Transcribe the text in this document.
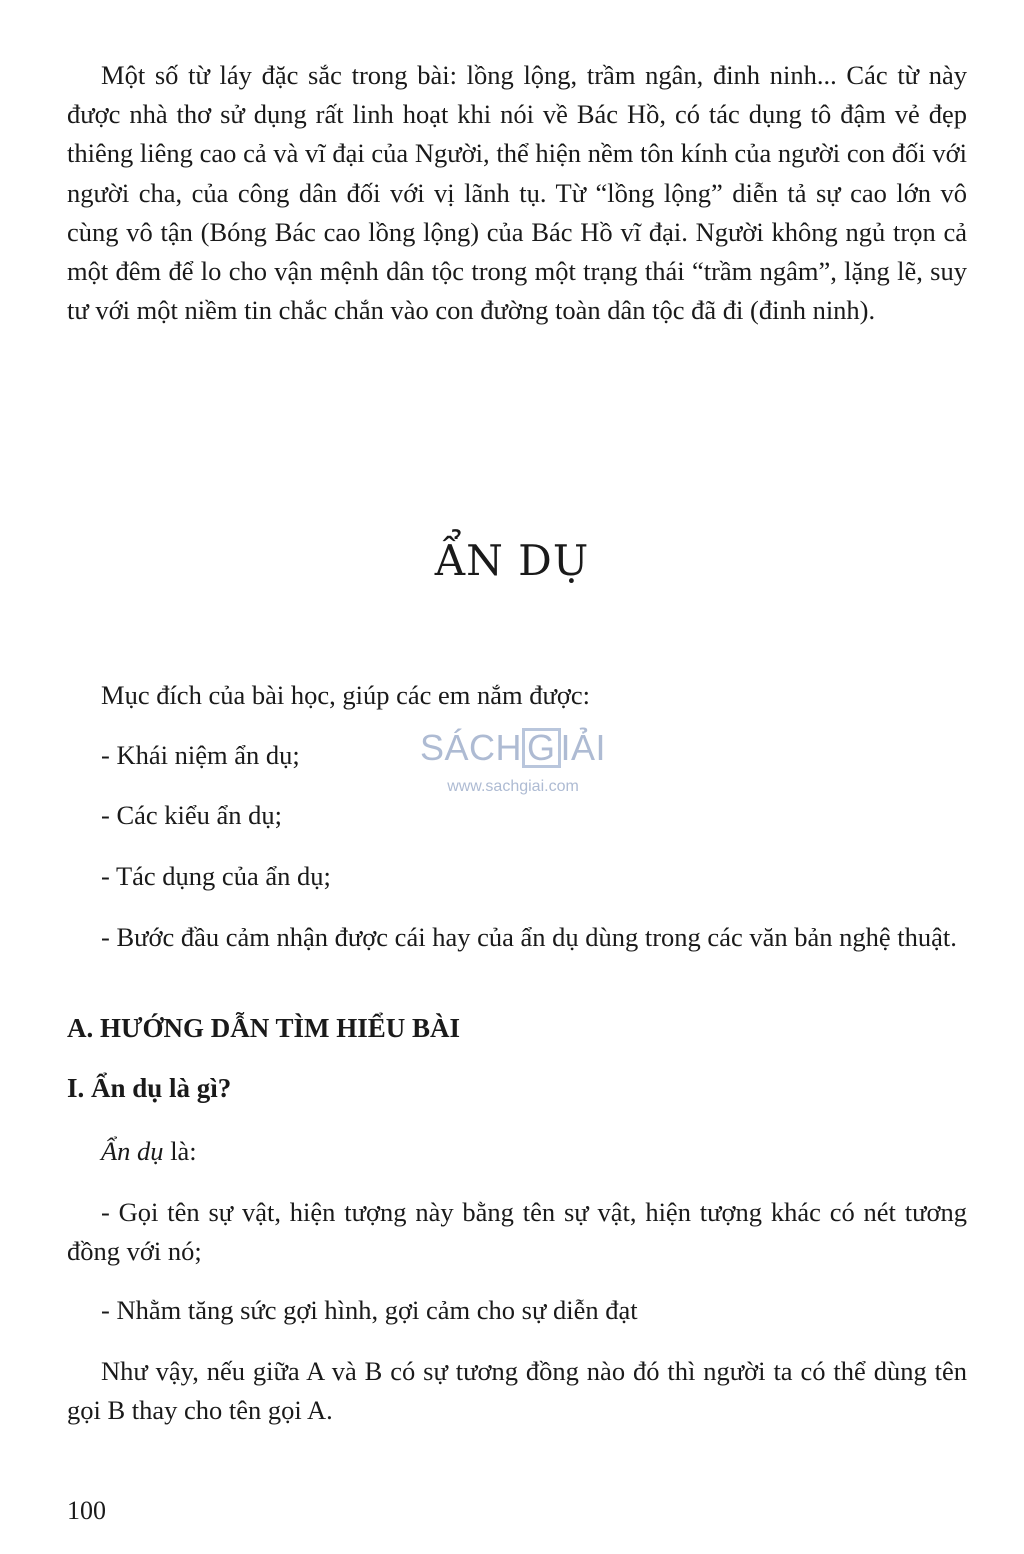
Một số từ láy đặc sắc trong bài: lồng lộng, trầm ngân, đinh ninh... Các từ này được nhà thơ sử dụng rất linh hoạt khi nói về Bác Hồ, có tác dụng tô đậm vẻ đẹp thiêng liêng cao cả và vĩ đại của Người, thể hiện nềm tôn kính của người con đối với người cha, của công dân đối với vị lãnh tụ. Từ “lồng lộng” diễn tả sự cao lớn vô cùng vô tận (Bóng Bác cao lồng lộng) của Bác Hồ vĩ đại. Người không ngủ trọn cả một đêm để lo cho vận mệnh dân tộc trong một trạng thái “trầm ngâm”, lặng lẽ, suy tư với một niềm tin chắc chắn vào con đường toàn dân tộc đã đi (đinh ninh).

ẨN DỤ

Mục đích của bài học, giúp các em nắm được:

- Khái niệm ẩn dụ;

- Các kiểu ẩn dụ;

- Tác dụng của ẩn dụ;

- Bước đầu cảm nhận được cái hay của ẩn dụ dùng trong các văn bản nghệ thuật.

A. HƯỚNG DẪN TÌM HIỂU BÀI
I. Ẩn dụ là gì?

Ẩn dụ là:

- Gọi tên sự vật, hiện tượng này bằng tên sự vật, hiện tượng khác có nét tương đồng với nó;

- Nhằm tăng sức gợi hình, gợi cảm cho sự diễn đạt

Như vậy, nếu giữa A và B có sự tương đồng nào đó thì người ta có thể dùng tên gọi B thay cho tên gọi A.

SÁCH G IẢI
www.sachgiai.com

100
